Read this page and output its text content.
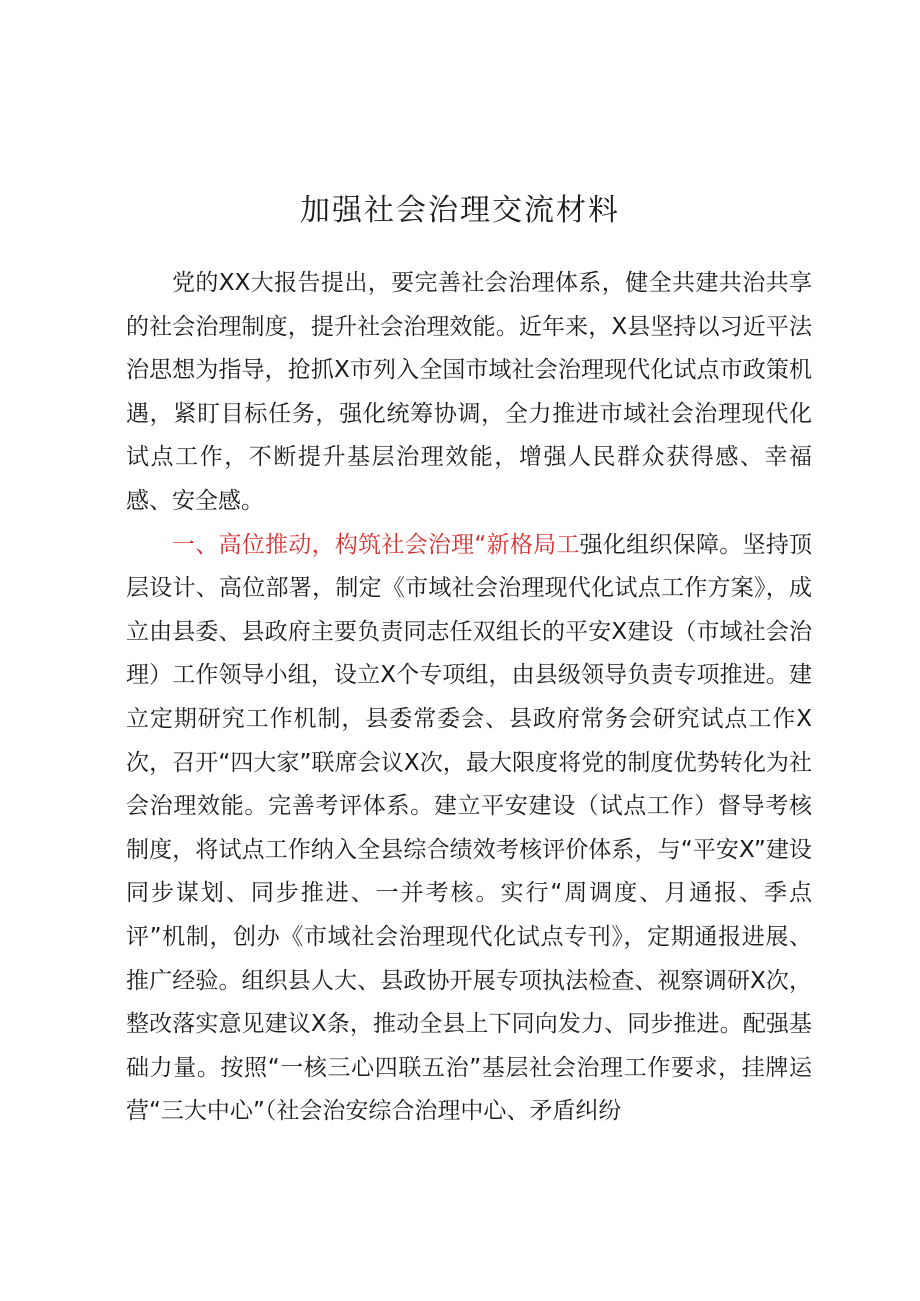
加强社会治理交流材料

党的XX大报告提出，要完善社会治理体系，健全共建共治共享的社会治理制度，提升社会治理效能。近年来，X县坚持以习近平法治思想为指导，抢抓X市列入全国市域社会治理现代化试点市政策机遇，紧盯目标任务，强化统筹协调，全力推进市域社会治理现代化试点工作，不断提升基层治理效能，增强人民群众获得感、幸福感、安全感。

一、高位推动，构筑社会治理“新格局工强化组织保障。坚持顶层设计、高位部署，制定《市域社会治理现代化试点工作方案》，成立由县委、县政府主要负责同志任双组长的平安X建设（市域社会治理）工作领导小组，设立X个专项组，由县级领导负责专项推进。建立定期研究工作机制，县委常委会、县政府常务会研究试点工作X次，召开“四大家”联席会议X次，最大限度将党的制度优势转化为社会治理效能。完善考评体系。建立平安建设（试点工作）督导考核制度，将试点工作纳入全县综合绩效考核评价体系，与“平安X”建设同步谋划、同步推进、一并考核。实行“周调度、月通报、季点评”机制，创办《市域社会治理现代化试点专刊》，定期通报进展、推广经验。组织县人大、县政协开展专项执法检查、视察调研X次，整改落实意见建议X条，推动全县上下同向发力、同步推进。配强基础力量。按照“一核三心四联五治”基层社会治理工作要求，挂牌运营“三大中心”（社会治安综合治理中心、矛盾纠纷
